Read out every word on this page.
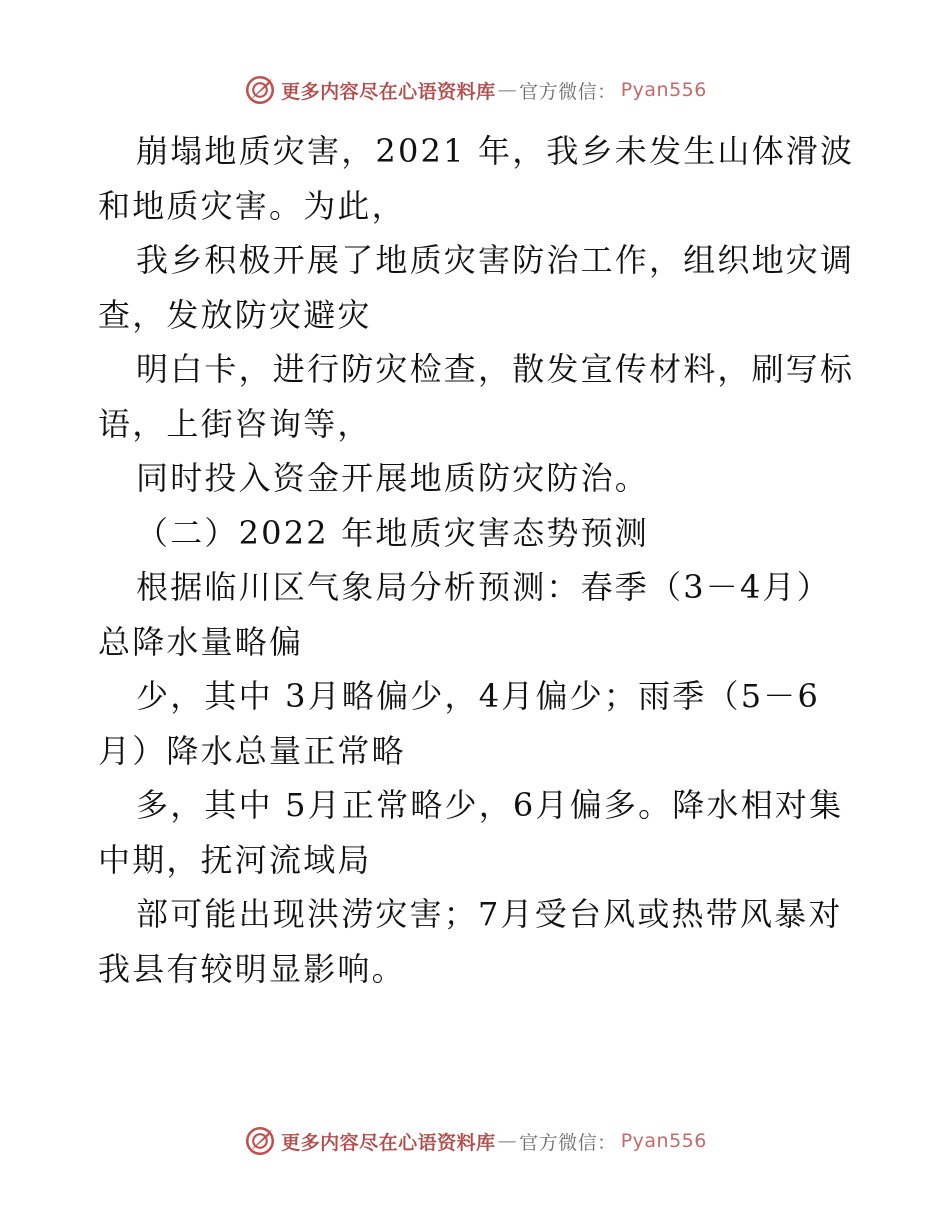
更多内容尽在心语资料库 — 官方微信： Pyan556
崩塌地质灾害，2021 年，我乡未发生山体滑波
和地质灾害。为此，
我乡积极开展了地质灾害防治工作，组织地灾调
查，发放防灾避灾
明白卡，进行防灾检查，散发宣传材料，刷写标
语，上街咨询等，
同时投入资金开展地质防灾防治。
（二）2022 年地质灾害态势预测
根据临川区气象局分析预测：春季（3－4月）
总降水量略偏
少，其中 3月略偏少，4月偏少；雨季（5－6
月）降水总量正常略
多，其中 5月正常略少，6月偏多。降水相对集
中期，抚河流域局
部可能出现洪涝灾害；7月受台风或热带风暴对
我县有较明显影响。
更多内容尽在心语资料库 — 官方微信： Pyan556
